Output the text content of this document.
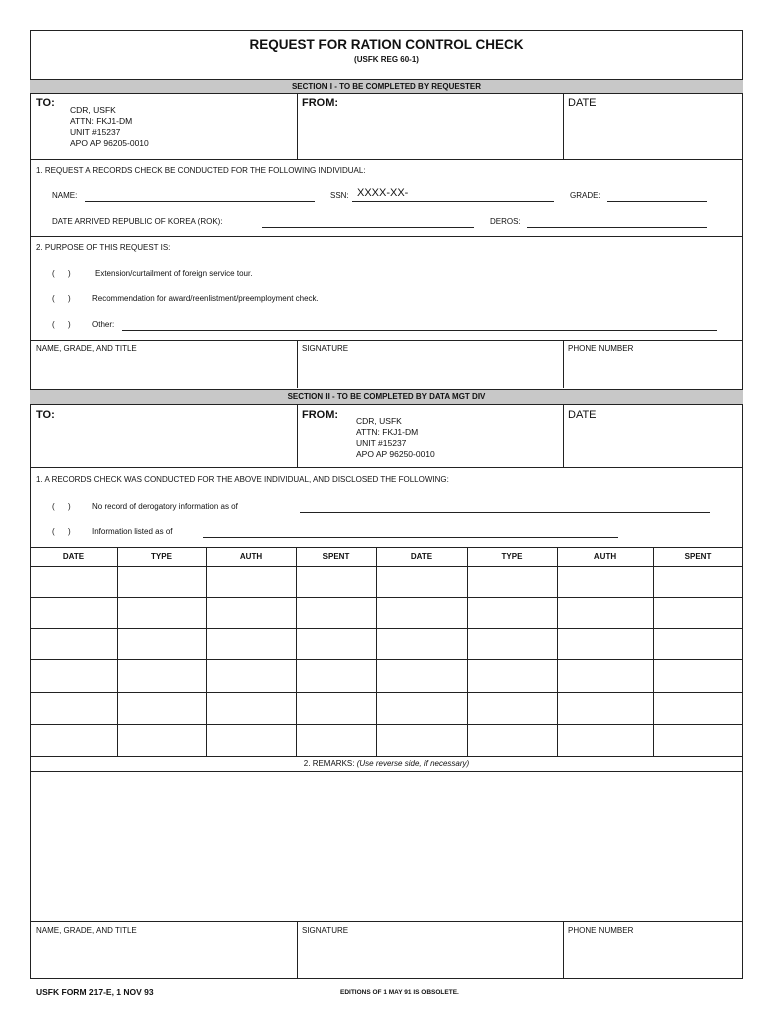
REQUEST FOR RATION CONTROL CHECK
(USFK REG 60-1)
SECTION I - TO BE COMPLETED BY REQUESTER
TO:
CDR, USFK
ATTN: FKJ1-DM
UNIT #15237
APO AP 96205-0010
FROM:	DATE
1. REQUEST A RECORDS CHECK BE CONDUCTED FOR THE FOLLOWING INDIVIDUAL:
NAME:	SSN: XXXX-XX-	GRADE:
DATE ARRIVED REPUBLIC OF KOREA (ROK):	DEROS:
2. PURPOSE OF THIS REQUEST IS:
(      )	Extension/curtailment of foreign service tour.
(      )	Recommendation for award/reenlistment/preemployment check.
(      )	Other:
NAME, GRADE, AND TITLE	SIGNATURE	PHONE NUMBER
SECTION II - TO BE COMPLETED BY DATA MGT DIV
TO:	FROM: CDR, USFK
ATTN: FKJ1-DM
UNIT #15237
APO AP 96250-0010
DATE
1. A RECORDS CHECK WAS CONDUCTED FOR THE ABOVE INDIVIDUAL, AND DISCLOSED THE FOLLOWING:
(      )	No record of derogatory information as of
(      )	Information listed as of
DATE	TYPE	AUTH	SPENT	DATE	TYPE	AUTH	SPENT
2. REMARKS: (Use reverse side, if necessary)
NAME, GRADE, AND TITLE	SIGNATURE	PHONE NUMBER
USFK FORM 217-E, 1 NOV 93	EDITIONS OF 1 MAY 91 IS OBSOLETE.
